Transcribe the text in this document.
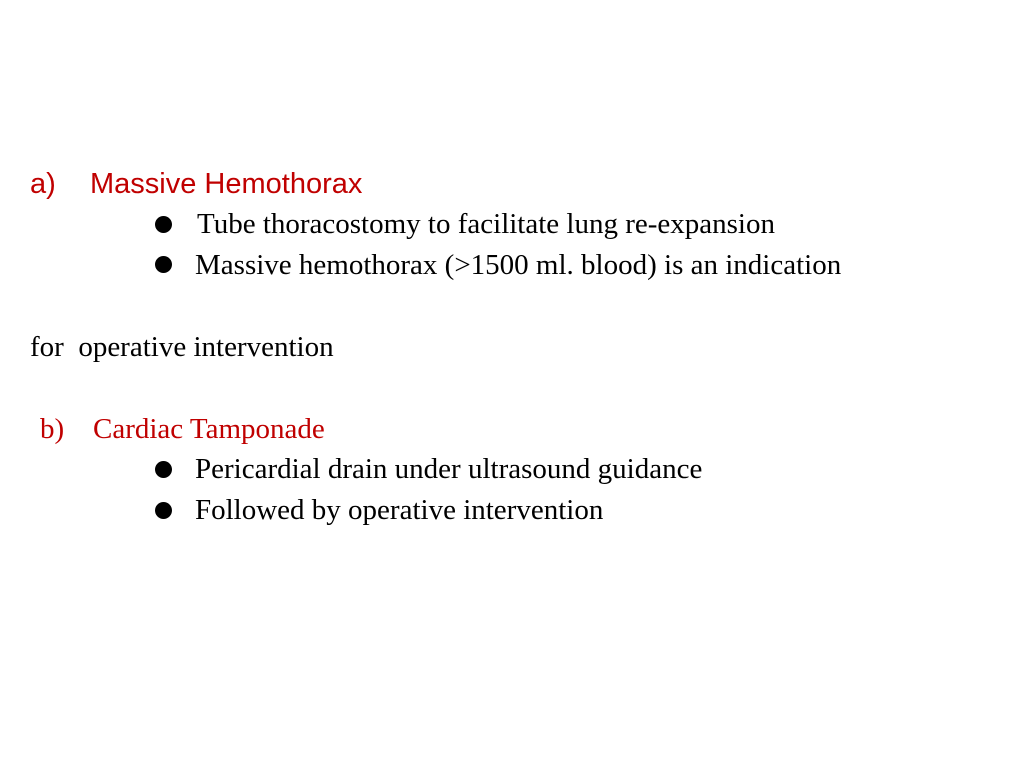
a) Massive Hemothorax
Tube thoracostomy to facilitate lung re-expansion
Massive hemothorax (>1500 ml. blood) is an indication
for  operative intervention
b) Cardiac Tamponade
Pericardial drain under ultrasound guidance
Followed by operative intervention
